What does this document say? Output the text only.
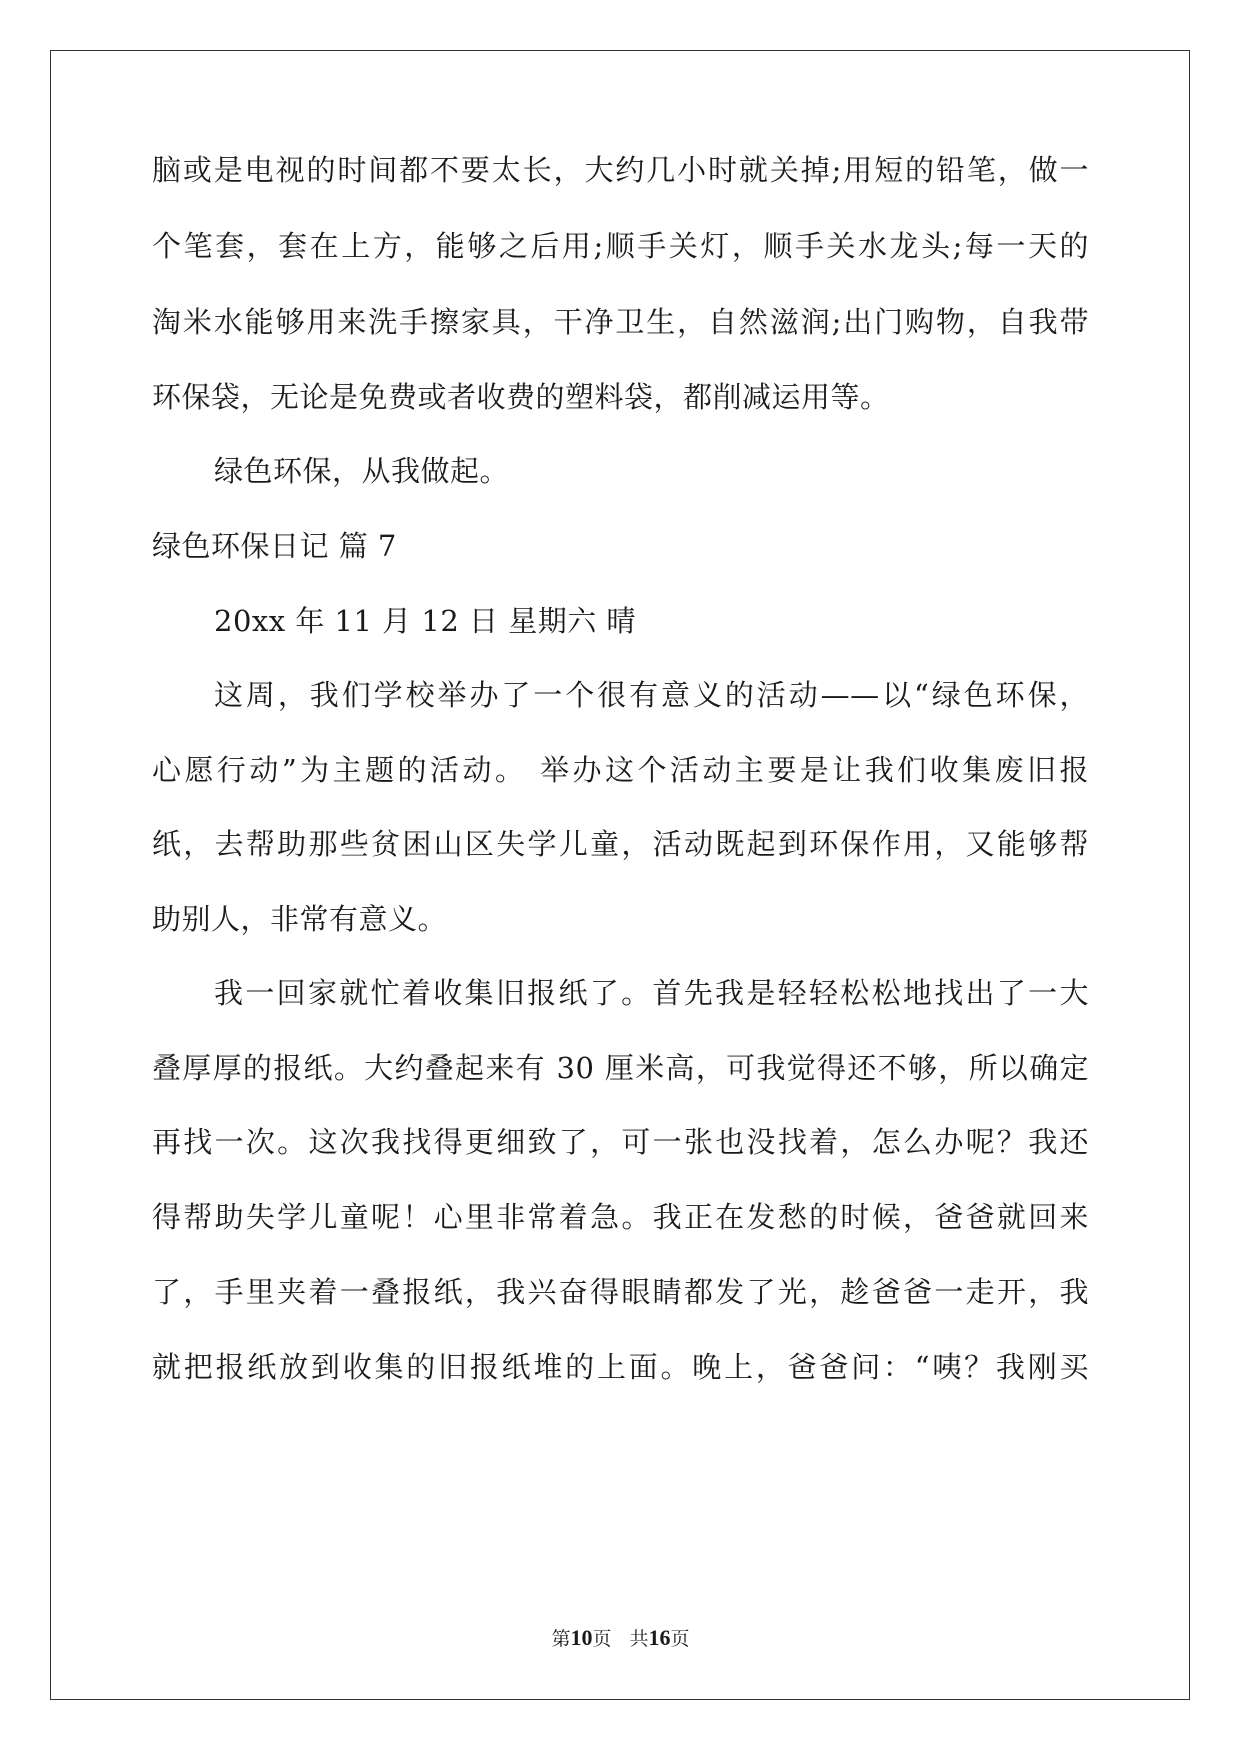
脑或是电视的时间都不要太长，大约几小时就关掉;用短的铅笔，做一
个笔套，套在上方，能够之后用;顺手关灯，顺手关水龙头;每一天的
淘米水能够用来洗手擦家具，干净卫生，自然滋润;出门购物，自我带
环保袋，无论是免费或者收费的塑料袋，都削减运用等。
绿色环保，从我做起。
绿色环保日记 篇 7
20xx 年 11 月 12 日 星期六 晴
这周，我们学校举办了一个很有意义的活动——以“绿色环保，
心愿行动”为主题的活动。 举办这个活动主要是让我们收集废旧报
纸，去帮助那些贫困山区失学儿童，活动既起到环保作用，又能够帮
助别人，非常有意义。
我一回家就忙着收集旧报纸了。首先我是轻轻松松地找出了一大
叠厚厚的报纸。大约叠起来有 30 厘米高，可我觉得还不够，所以确定
再找一次。这次我找得更细致了，可一张也没找着，怎么办呢？我还
得帮助失学儿童呢！心里非常着急。我正在发愁的时候，爸爸就回来
了，手里夹着一叠报纸，我兴奋得眼睛都发了光，趁爸爸一走开，我
就把报纸放到收集的旧报纸堆的上面。晚上，爸爸问：“咦？我刚买
第10页 共16页
